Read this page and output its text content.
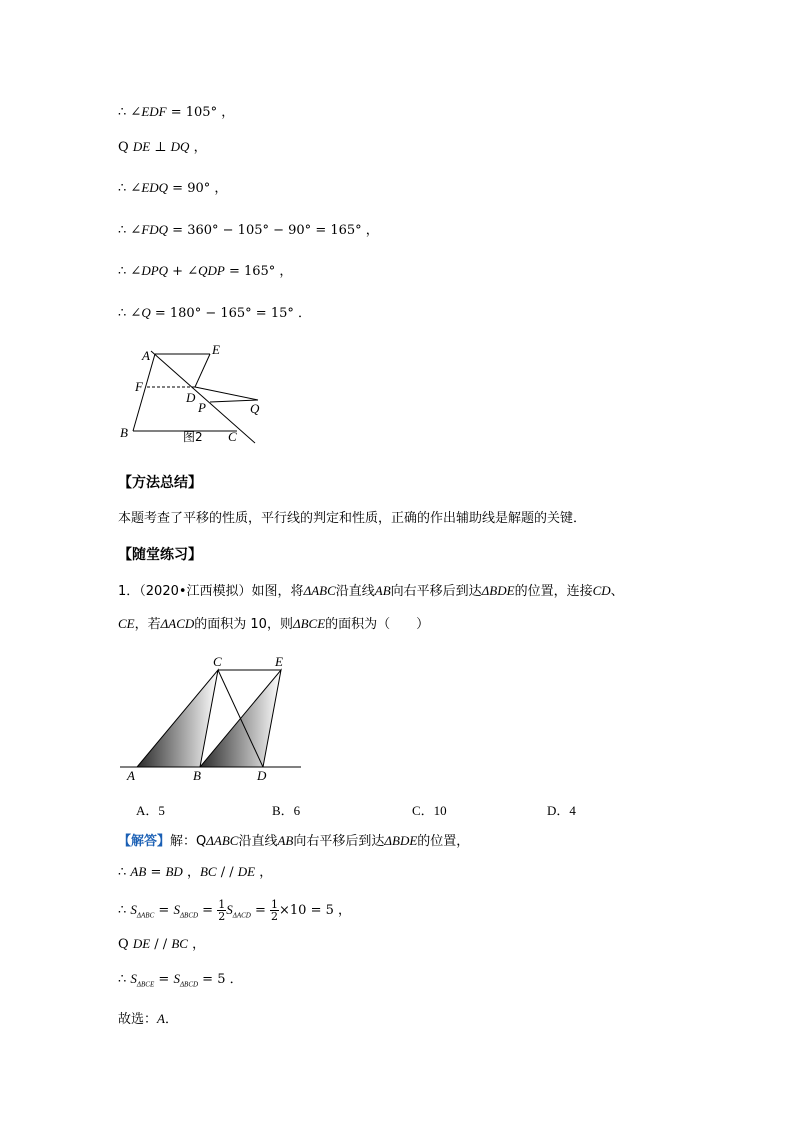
∴ ∠EDF = 105° ，
Q DE ⊥ DQ ，
∴ ∠EDQ = 90° ，
∴ ∠FDQ = 360° − 105° − 90° = 165° ，
∴ ∠DPQ + ∠QDP = 165° ，
∴ ∠Q = 180° − 165° = 15° ．
A	E
F
D
P	Q
B	C
图2
【方法总结】
本题考查了平移的性质，平行线的判定和性质，正确的作出辅助线是解题的关键．
【随堂练习】
1．（2020•江西模拟）如图，将ΔABC沿直线AB向右平移后到达ΔBDE的位置，连接CD、
CE，若ΔACD的面积为 10，则ΔBCE的面积为（　　）
C	E
A	B	D
A．5	B．6	C．10	D．4
【解答】解：QΔABC沿直线AB向右平移后到达ΔBDE的位置，
∴ AB = BD ，BC / / DE ，
∴ $S_{\Delta ABC} = S_{\Delta BCD} = \frac{1}{2} S_{\Delta ACD} = \frac{1}{2} \times 10 = 5$ ，
Q DE / / BC ，
∴ $S_{\Delta BCE} = S_{\Delta BCD} = 5$ ．
故选：A．
